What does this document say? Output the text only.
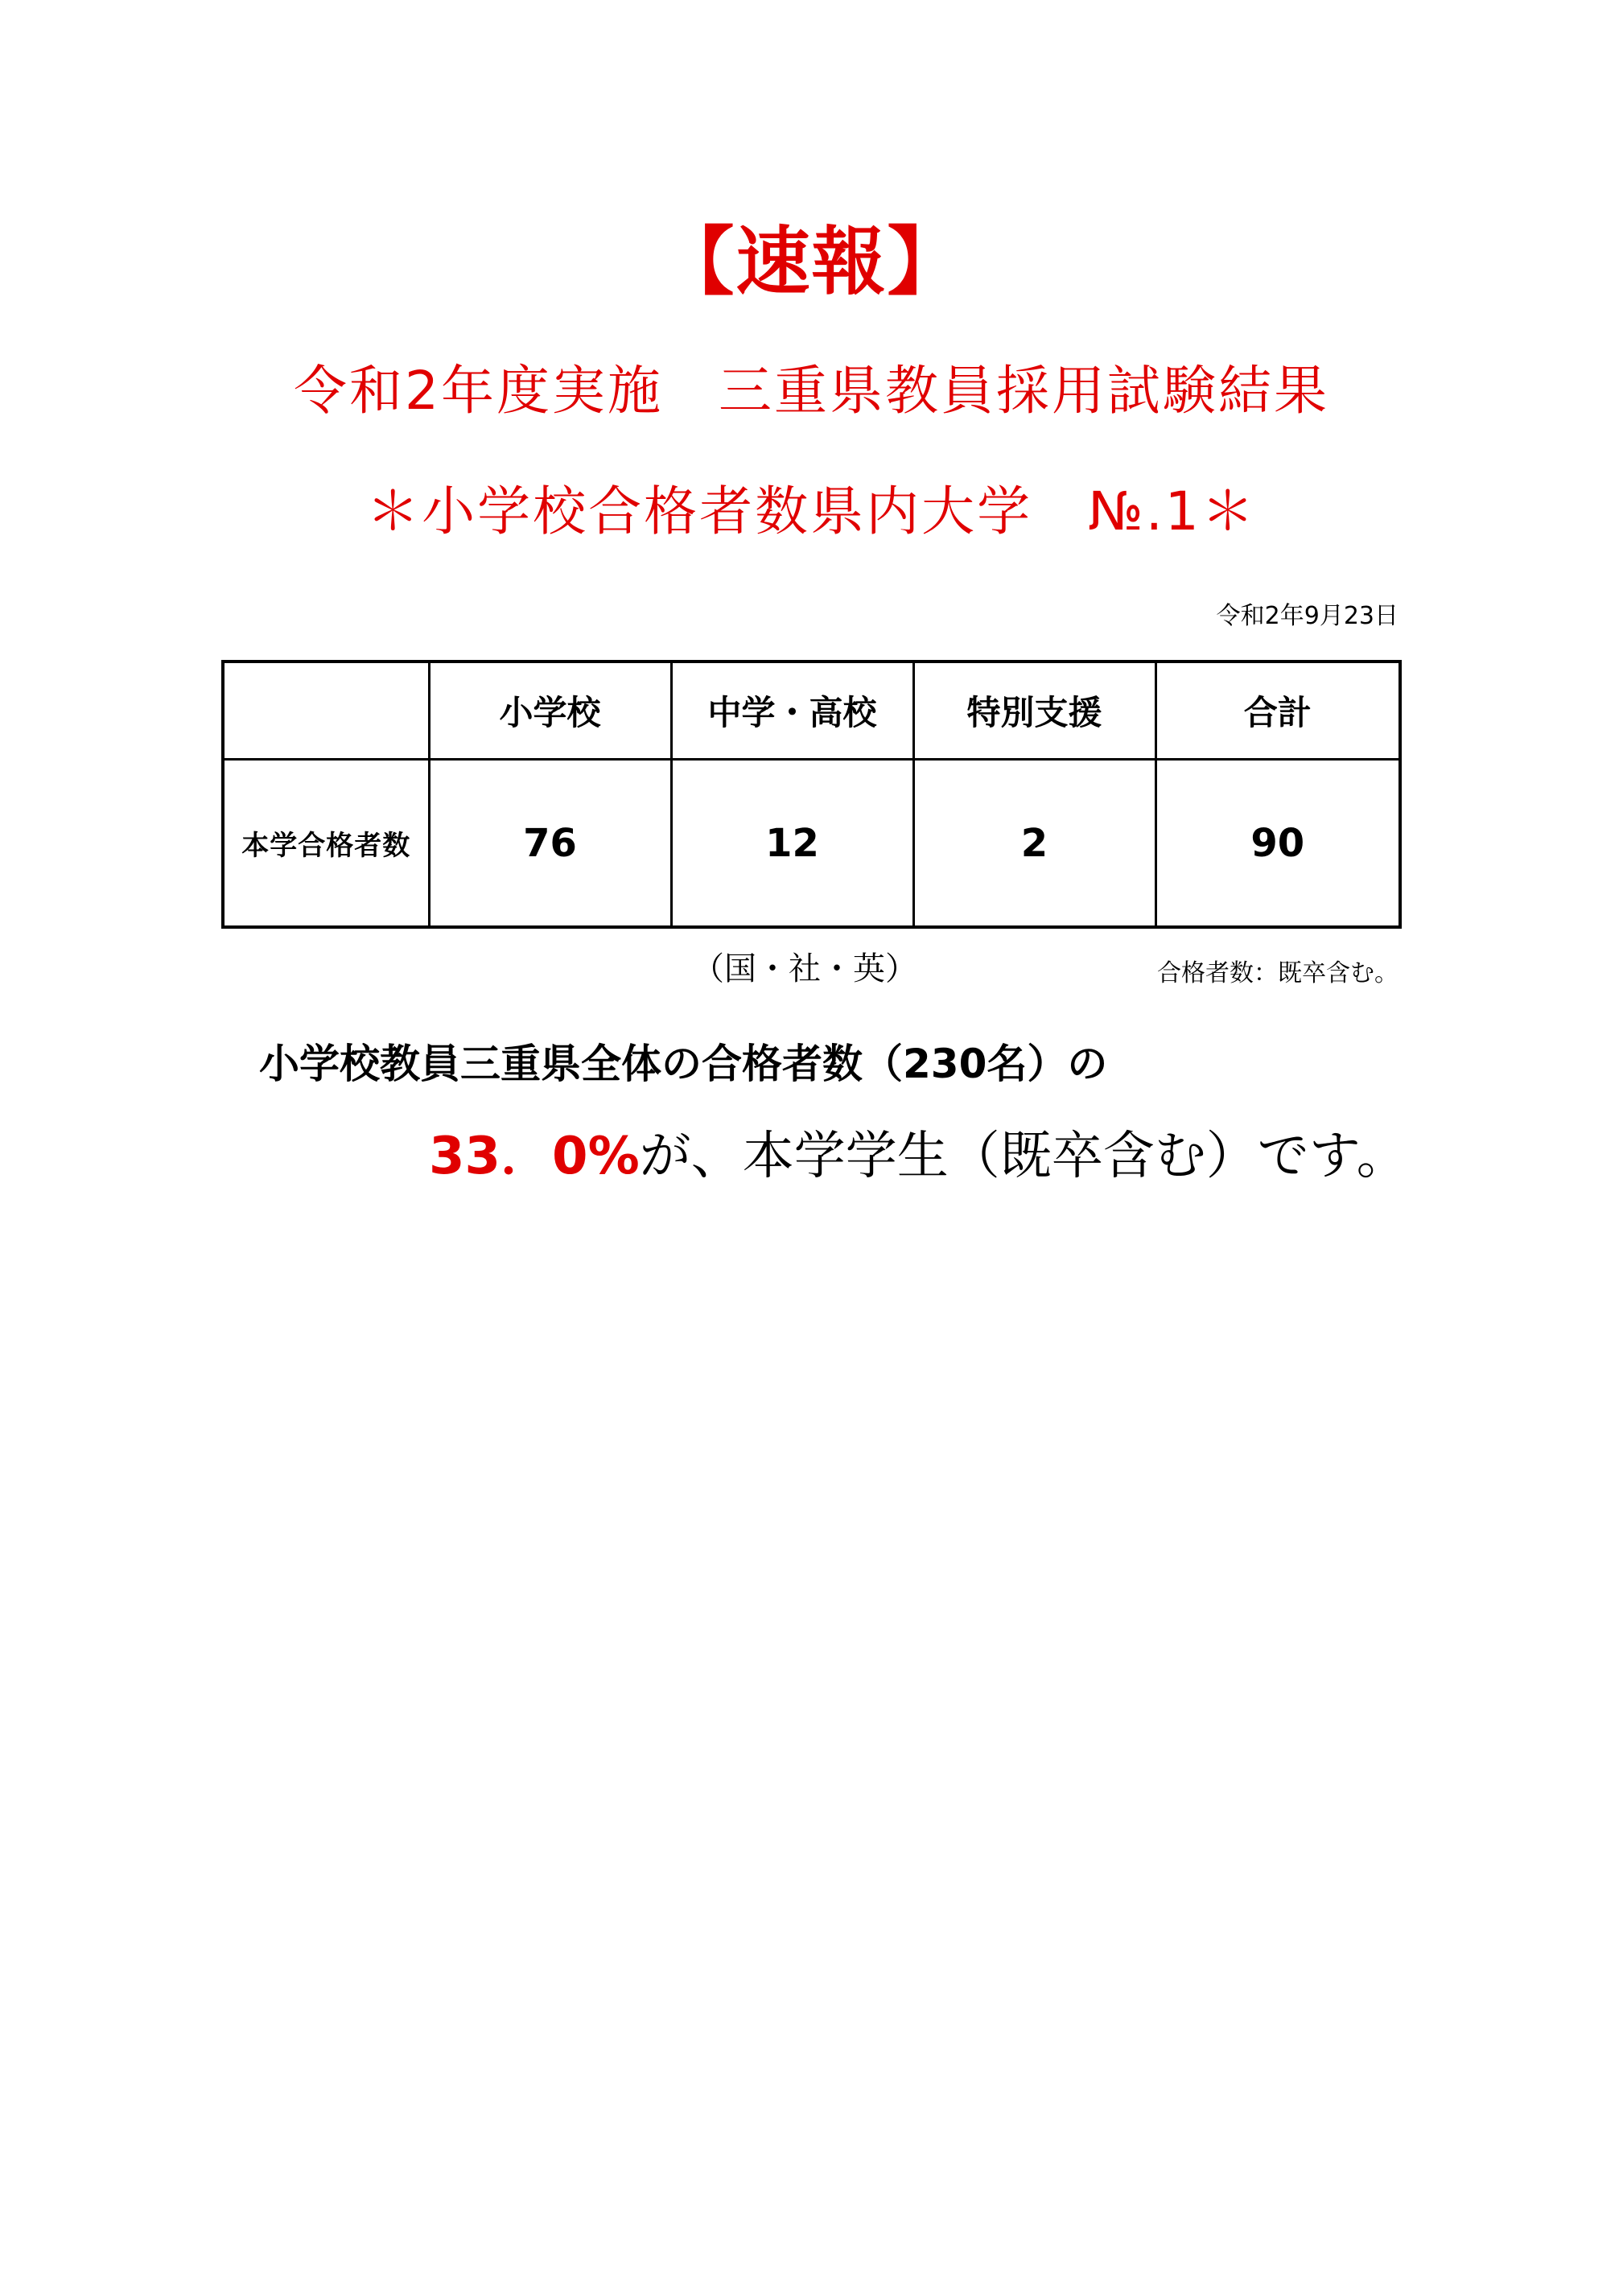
【速報】
令和2年度実施　三重県教員採用試験結果
＊小学校合格者数県内大学　№.1＊
令和2年9月23日
	小学校	中学・高校	特別支援	合計
本学合格者数	76	12	2	90
（国・社・英）	合格者数：既卒含む。
小学校教員三重県全体の合格者数（230名）の
33．0%が、本学学生（既卒含む）です。
